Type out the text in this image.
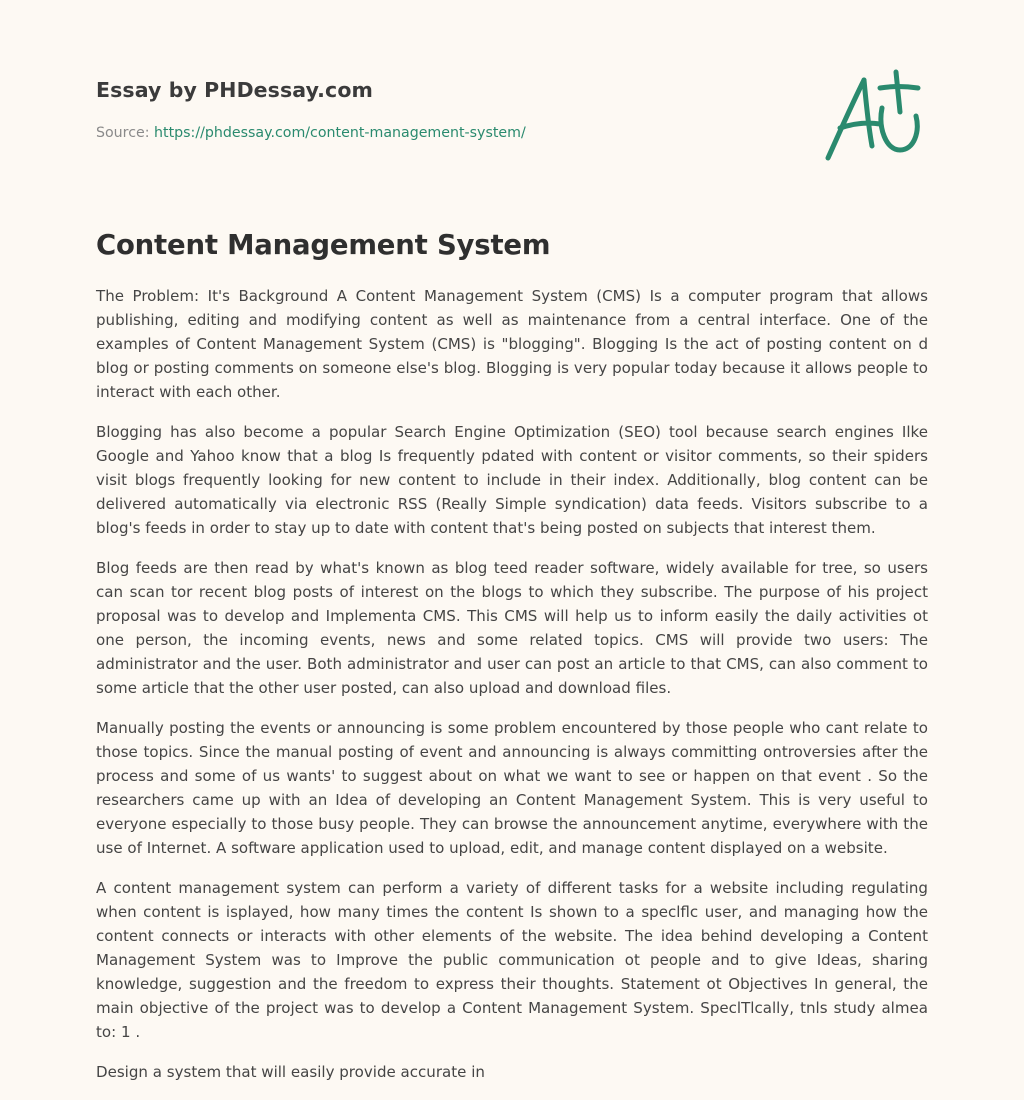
Essay by PHDessay.com
Source: https://phdessay.com/content-management-system/
Content Management System

The Problem: It's Background A Content Management System (CMS) Is a computer program that allows publishing, editing and modifying content as well as maintenance from a central interface. One of the examples of Content Management System (CMS) is "blogging". Blogging Is the act of posting content on d blog or posting comments on someone else's blog. Blogging is very popular today because it allows people to interact with each other.

Blogging has also become a popular Search Engine Optimization (SEO) tool because search engines Ilke Google and Yahoo know that a blog Is frequently pdated with content or visitor comments, so their spiders visit blogs frequently looking for new content to include in their index. Additionally, blog content can be delivered automatically via electronic RSS (Really Simple syndication) data feeds. Visitors subscribe to a blog's feeds in order to stay up to date with content that's being posted on subjects that interest them.

Blog feeds are then read by what's known as blog teed reader software, widely available for tree, so users can scan tor recent blog posts of interest on the blogs to which they subscribe. The purpose of his project proposal was to develop and Implementa CMS. This CMS will help us to inform easily the daily activities ot one person, the incoming events, news and some related topics. CMS will provide two users: The administrator and the user. Both administrator and user can post an article to that CMS, can also comment to some article that the other user posted, can also upload and download files.

Manually posting the events or announcing is some problem encountered by those people who cant relate to those topics. Since the manual posting of event and announcing is always committing ontroversies after the process and some of us wants' to suggest about on what we want to see or happen on that event . So the researchers came up with an Idea of developing an Content Management System. This is very useful to everyone especially to those busy people. They can browse the announcement anytime, everywhere with the use of Internet. A software application used to upload, edit, and manage content displayed on a website.

A content management system can perform a variety of different tasks for a website including regulating when content is isplayed, how many times the content Is shown to a speclflc user, and managing how the content connects or interacts with other elements of the website. The idea behind developing a Content Management System was to Improve the public communication ot people and to give Ideas, sharing knowledge, suggestion and the freedom to express their thoughts. Statement ot Objectives In general, the main objective of the project was to develop a Content Management System. SpeclTlcally, tnls study almea to: 1 .

Design a system that will easily provide accurate in
